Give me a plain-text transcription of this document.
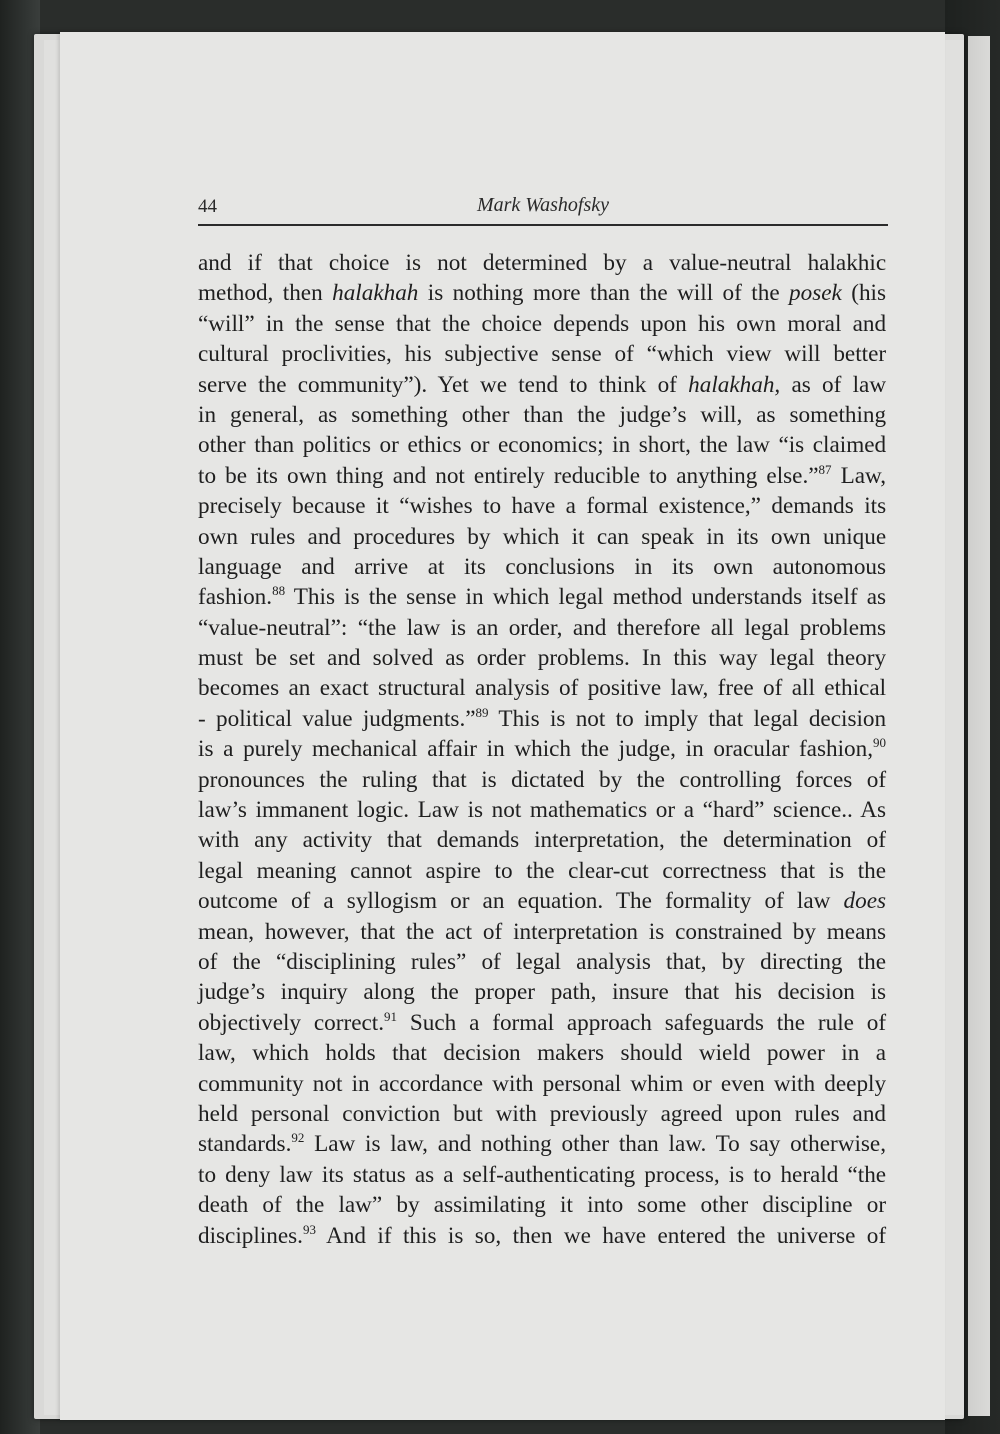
44	Mark Washofsky
and if that choice is not determined by a value-neutral halakhic
method, then halakhah is nothing more than the will of the posek (his
“will” in the sense that the choice depends upon his own moral and
cultural proclivities, his subjective sense of “which view will better
serve the community”). Yet we tend to think of halakhah, as of law
in general, as something other than the judge’s will, as something
other than politics or ethics or economics; in short, the law “is claimed
to be its own thing and not entirely reducible to anything else.”$^{87}$ Law,
precisely because it “wishes to have a formal existence,” demands its
own rules and procedures by which it can speak in its own unique
language and arrive at its conclusions in its own autonomous
fashion.$^{88}$ This is the sense in which legal method understands itself as
“value-neutral”: “the law is an order, and therefore all legal problems
must be set and solved as order problems. In this way legal theory
becomes an exact structural analysis of positive law, free of all ethical
- political value judgments.”$^{89}$ This is not to imply that legal decision
is a purely mechanical affair in which the judge, in oracular fashion,$^{90}$
pronounces the ruling that is dictated by the controlling forces of
law’s immanent logic. Law is not mathematics or a “hard” science.. As
with any activity that demands interpretation, the determination of
legal meaning cannot aspire to the clear-cut correctness that is the
outcome of a syllogism or an equation. The formality of law does
mean, however, that the act of interpretation is constrained by means
of the “disciplining rules” of legal analysis that, by directing the
judge’s inquiry along the proper path, insure that his decision is
objectively correct.$^{91}$ Such a formal approach safeguards the rule of
law, which holds that decision makers should wield power in a
community not in accordance with personal whim or even with deeply
held personal conviction but with previously agreed upon rules and
standards.$^{92}$ Law is law, and nothing other than law. To say otherwise,
to deny law its status as a self-authenticating process, is to herald “the
death of the law” by assimilating it into some other discipline or
disciplines.$^{93}$ And if this is so, then we have entered the universe of
